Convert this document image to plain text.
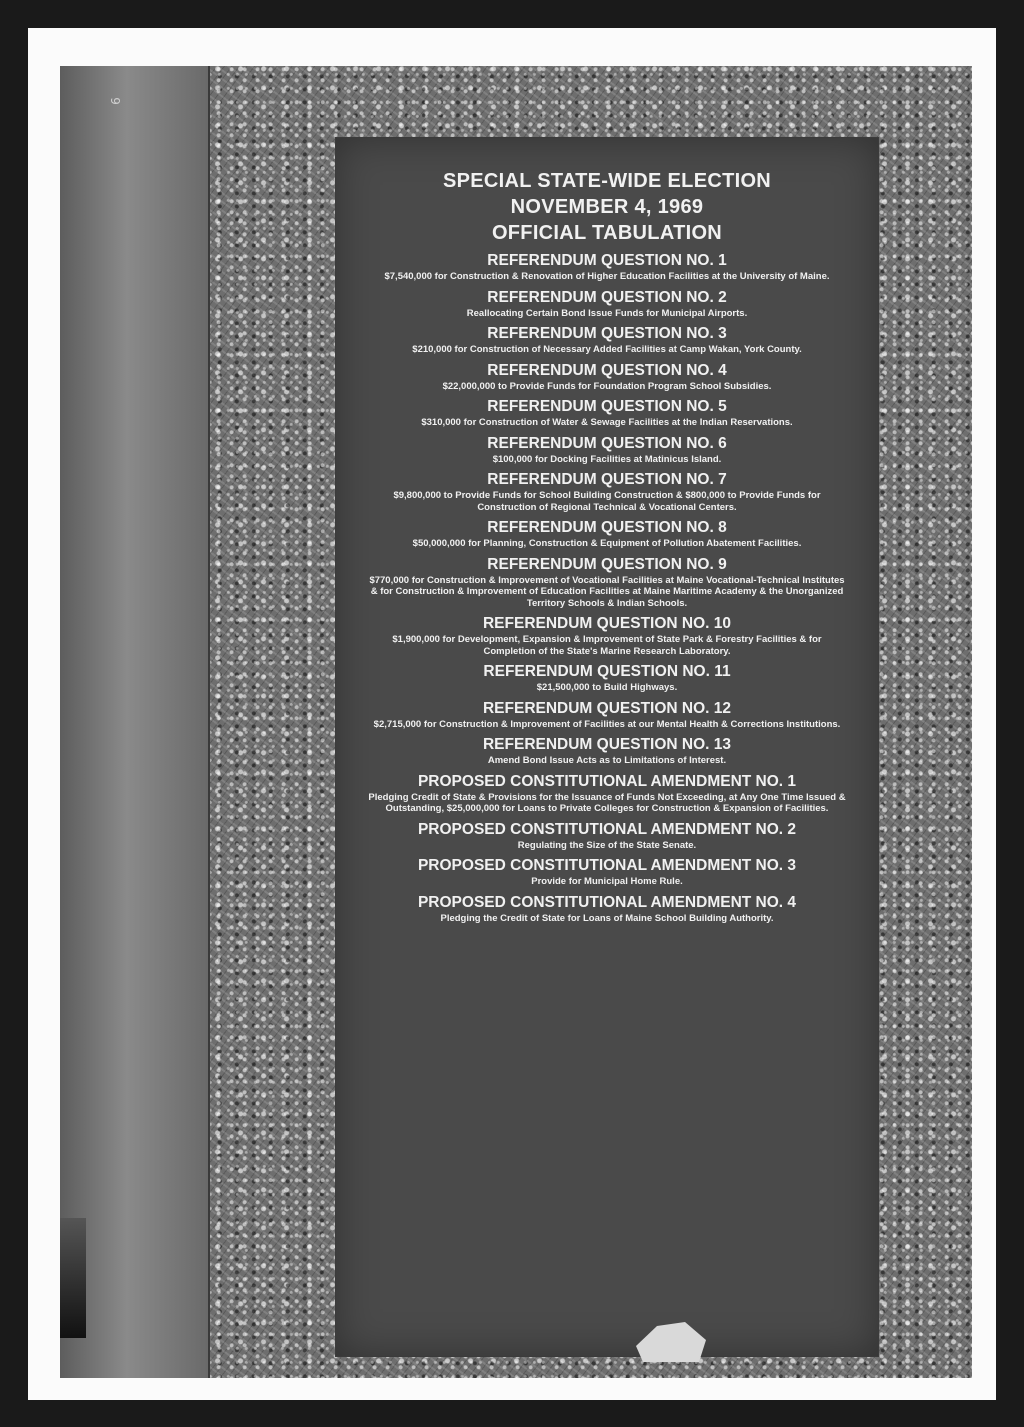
6
SPECIAL STATE-WIDE ELECTION
NOVEMBER 4, 1969
OFFICIAL TABULATION
REFERENDUM QUESTION NO. 1
$7,540,000 for Construction & Renovation of Higher Education Facilities at the University of Maine.
REFERENDUM QUESTION NO. 2
Reallocating Certain Bond Issue Funds for Municipal Airports.
REFERENDUM QUESTION NO. 3
$210,000 for Construction of Necessary Added Facilities at Camp Wakan, York County.
REFERENDUM QUESTION NO. 4
$22,000,000 to Provide Funds for Foundation Program School Subsidies.
REFERENDUM QUESTION NO. 5
$310,000 for Construction of Water & Sewage Facilities at the Indian Reservations.
REFERENDUM QUESTION NO. 6
$100,000 for Docking Facilities at Matinicus Island.
REFERENDUM QUESTION NO. 7
$9,800,000 to Provide Funds for School Building Construction & $800,000 to Provide Funds for Construction of Regional Technical & Vocational Centers.
REFERENDUM QUESTION NO. 8
$50,000,000 for Planning, Construction & Equipment of Pollution Abatement Facilities.
REFERENDUM QUESTION NO. 9
$770,000 for Construction & Improvement of Vocational Facilities at Maine Vocational-Technical Institutes & for Construction & Improvement of Education Facilities at Maine Maritime Academy & the Unorganized Territory Schools & Indian Schools.
REFERENDUM QUESTION NO. 10
$1,900,000 for Development, Expansion & Improvement of State Park & Forestry Facilities & for Completion of the State's Marine Research Laboratory.
REFERENDUM QUESTION NO. 11
$21,500,000 to Build Highways.
REFERENDUM QUESTION NO. 12
$2,715,000 for Construction & Improvement of Facilities at our Mental Health & Corrections Institutions.
REFERENDUM QUESTION NO. 13
Amend Bond Issue Acts as to Limitations of Interest.
PROPOSED CONSTITUTIONAL AMENDMENT NO. 1
Pledging Credit of State & Provisions for the Issuance of Funds Not Exceeding, at Any One Time Issued & Outstanding, $25,000,000 for Loans to Private Colleges for Construction & Expansion of Facilities.
PROPOSED CONSTITUTIONAL AMENDMENT NO. 2
Regulating the Size of the State Senate.
PROPOSED CONSTITUTIONAL AMENDMENT NO. 3
Provide for Municipal Home Rule.
PROPOSED CONSTITUTIONAL AMENDMENT NO. 4
Pledging the Credit of State for Loans of Maine School Building Authority.
